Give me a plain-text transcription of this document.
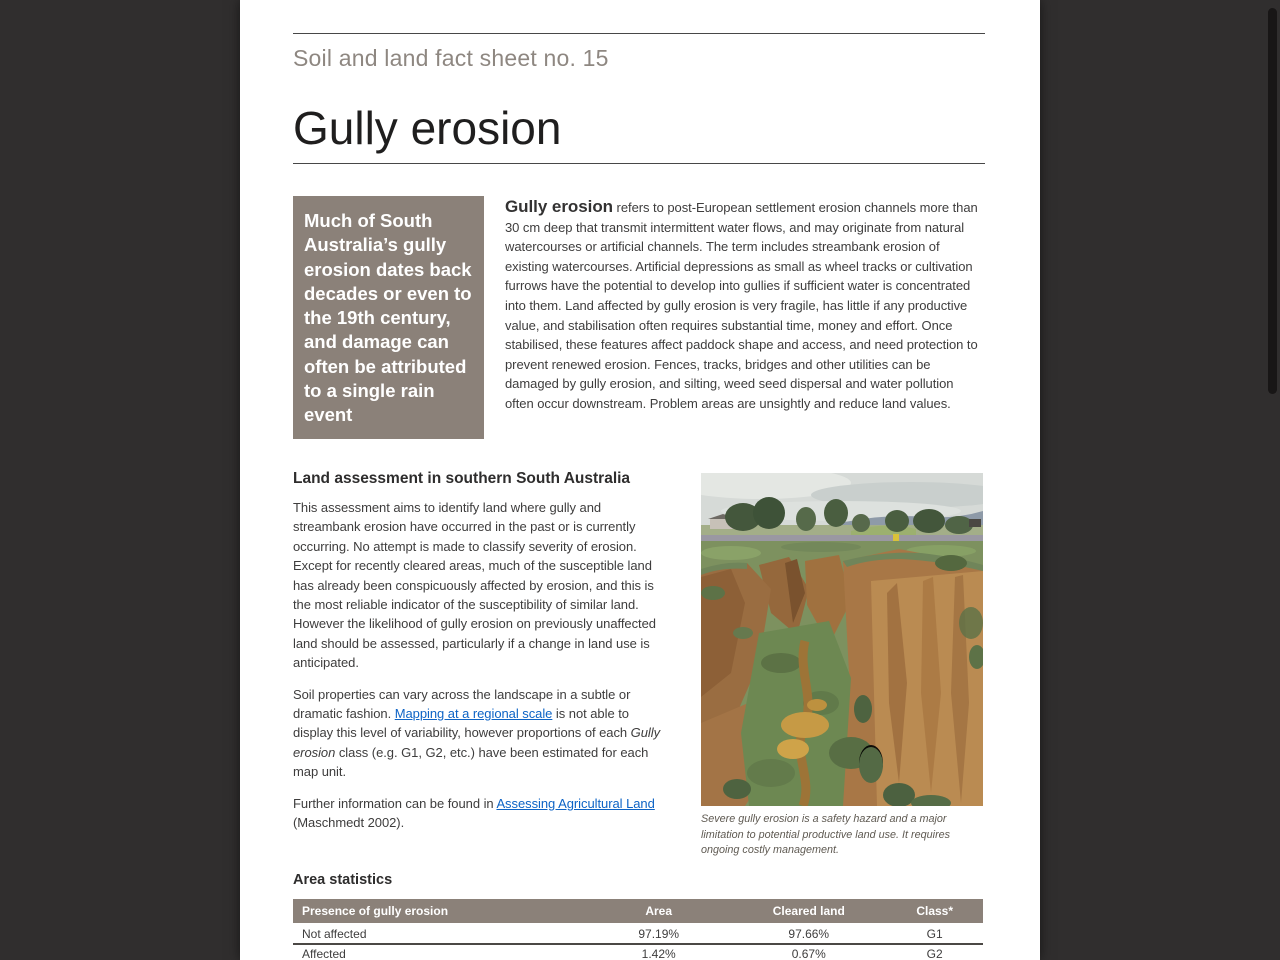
Soil and land fact sheet no. 15
Gully erosion
Much of South Australia’s gully erosion dates back decades or even to the 19th century, and damage can often be attributed to a single rain event

Gully erosion refers to post-European settlement erosion channels more than 30 cm deep that transmit intermittent water flows, and may originate from natural watercourses or artificial channels. The term includes streambank erosion of existing watercourses. Artificial depressions as small as wheel tracks or cultivation furrows have the potential to develop into gullies if sufficient water is concentrated into them. Land affected by gully erosion is very fragile, has little if any productive value, and stabilisation often requires substantial time, money and effort. Once stabilised, these features affect paddock shape and access, and need protection to prevent renewed erosion. Fences, tracks, bridges and other utilities can be damaged by gully erosion, and silting, weed seed dispersal and water pollution often occur downstream. Problem areas are unsightly and reduce land values.

Land assessment in southern South Australia

This assessment aims to identify land where gully and streambank erosion have occurred in the past or is currently occurring. No attempt is made to classify severity of erosion. Except for recently cleared areas, much of the susceptible land has already been conspicuously affected by erosion, and this is the most reliable indicator of the susceptibility of similar land. However the likelihood of gully erosion on previously unaffected land should be assessed, particularly if a change in land use is anticipated.

Soil properties can vary across the landscape in a subtle or dramatic fashion. Mapping at a regional scale is not able to display this level of variability, however proportions of each Gully erosion class (e.g. G1, G2, etc.) have been estimated for each map unit.

Further information can be found in Assessing Agricultural Land (Maschmedt 2002).	Severe gully erosion is a safety hazard and a major limitation to potential productive land use. It requires ongoing costly management.

Area statistics
Presence of gully erosion	Area	Cleared land	Class*
Not affected	97.19%	97.66%	G1
Affected	1.42%	0.67%	G2
